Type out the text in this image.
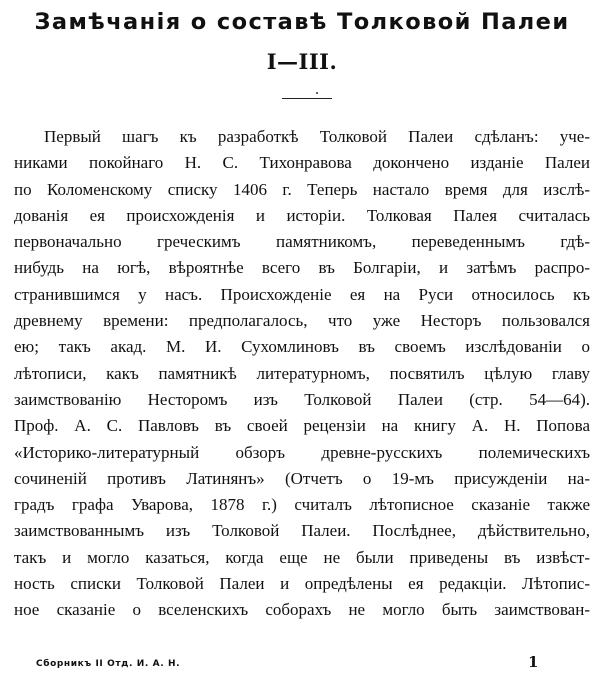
Замѣчанія о составѣ Толковой Палеи
I—III.
Первый шагъ къ разработкѣ Толковой Палеи сдѣланъ: уче-
никами покойнаго Н. С. Тихонравова докончено изданіе Палеи
по Коломенскому списку 1406 г. Теперь настало время для изслѣ-
дованія ея происхожденія и исторіи. Толковая Палея считалась
первоначально греческимъ памятникомъ, переведеннымъ гдѣ-
нибудь на югѣ, вѣроятнѣе всего въ Болгаріи, и затѣмъ распро-
странившимся у насъ. Происхожденіе ея на Руси относилось къ
древнему времени: предполагалось, что уже Несторъ пользовался
ею; такъ акад. М. И. Сухомлиновъ въ своемъ изслѣдованіи о
лѣтописи, какъ памятникѣ литературномъ, посвятилъ цѣлую главу
заимствованію Несторомъ изъ Толковой Палеи (стр. 54—64).
Проф. А. С. Павловъ въ своей рецензіи на книгу А. Н. Попова
«Историко-литературный обзоръ древне-русскихъ полемическихъ
сочиненій противъ Латинянъ» (Отчетъ о 19-мъ присужденіи на-
градъ графа Уварова, 1878 г.) считалъ лѣтописное сказаніе также
заимствованнымъ изъ Толковой Палеи. Послѣднее, дѣйствительно,
такъ и могло казаться, когда еще не были приведены въ извѣст-
ность списки Толковой Палеи и опредѣлены ея редакціи. Лѣтопис-
ное сказаніе о вселенскихъ соборахъ не могло быть заимствован-
Сборникъ II Отд. И. А. Н.	1
